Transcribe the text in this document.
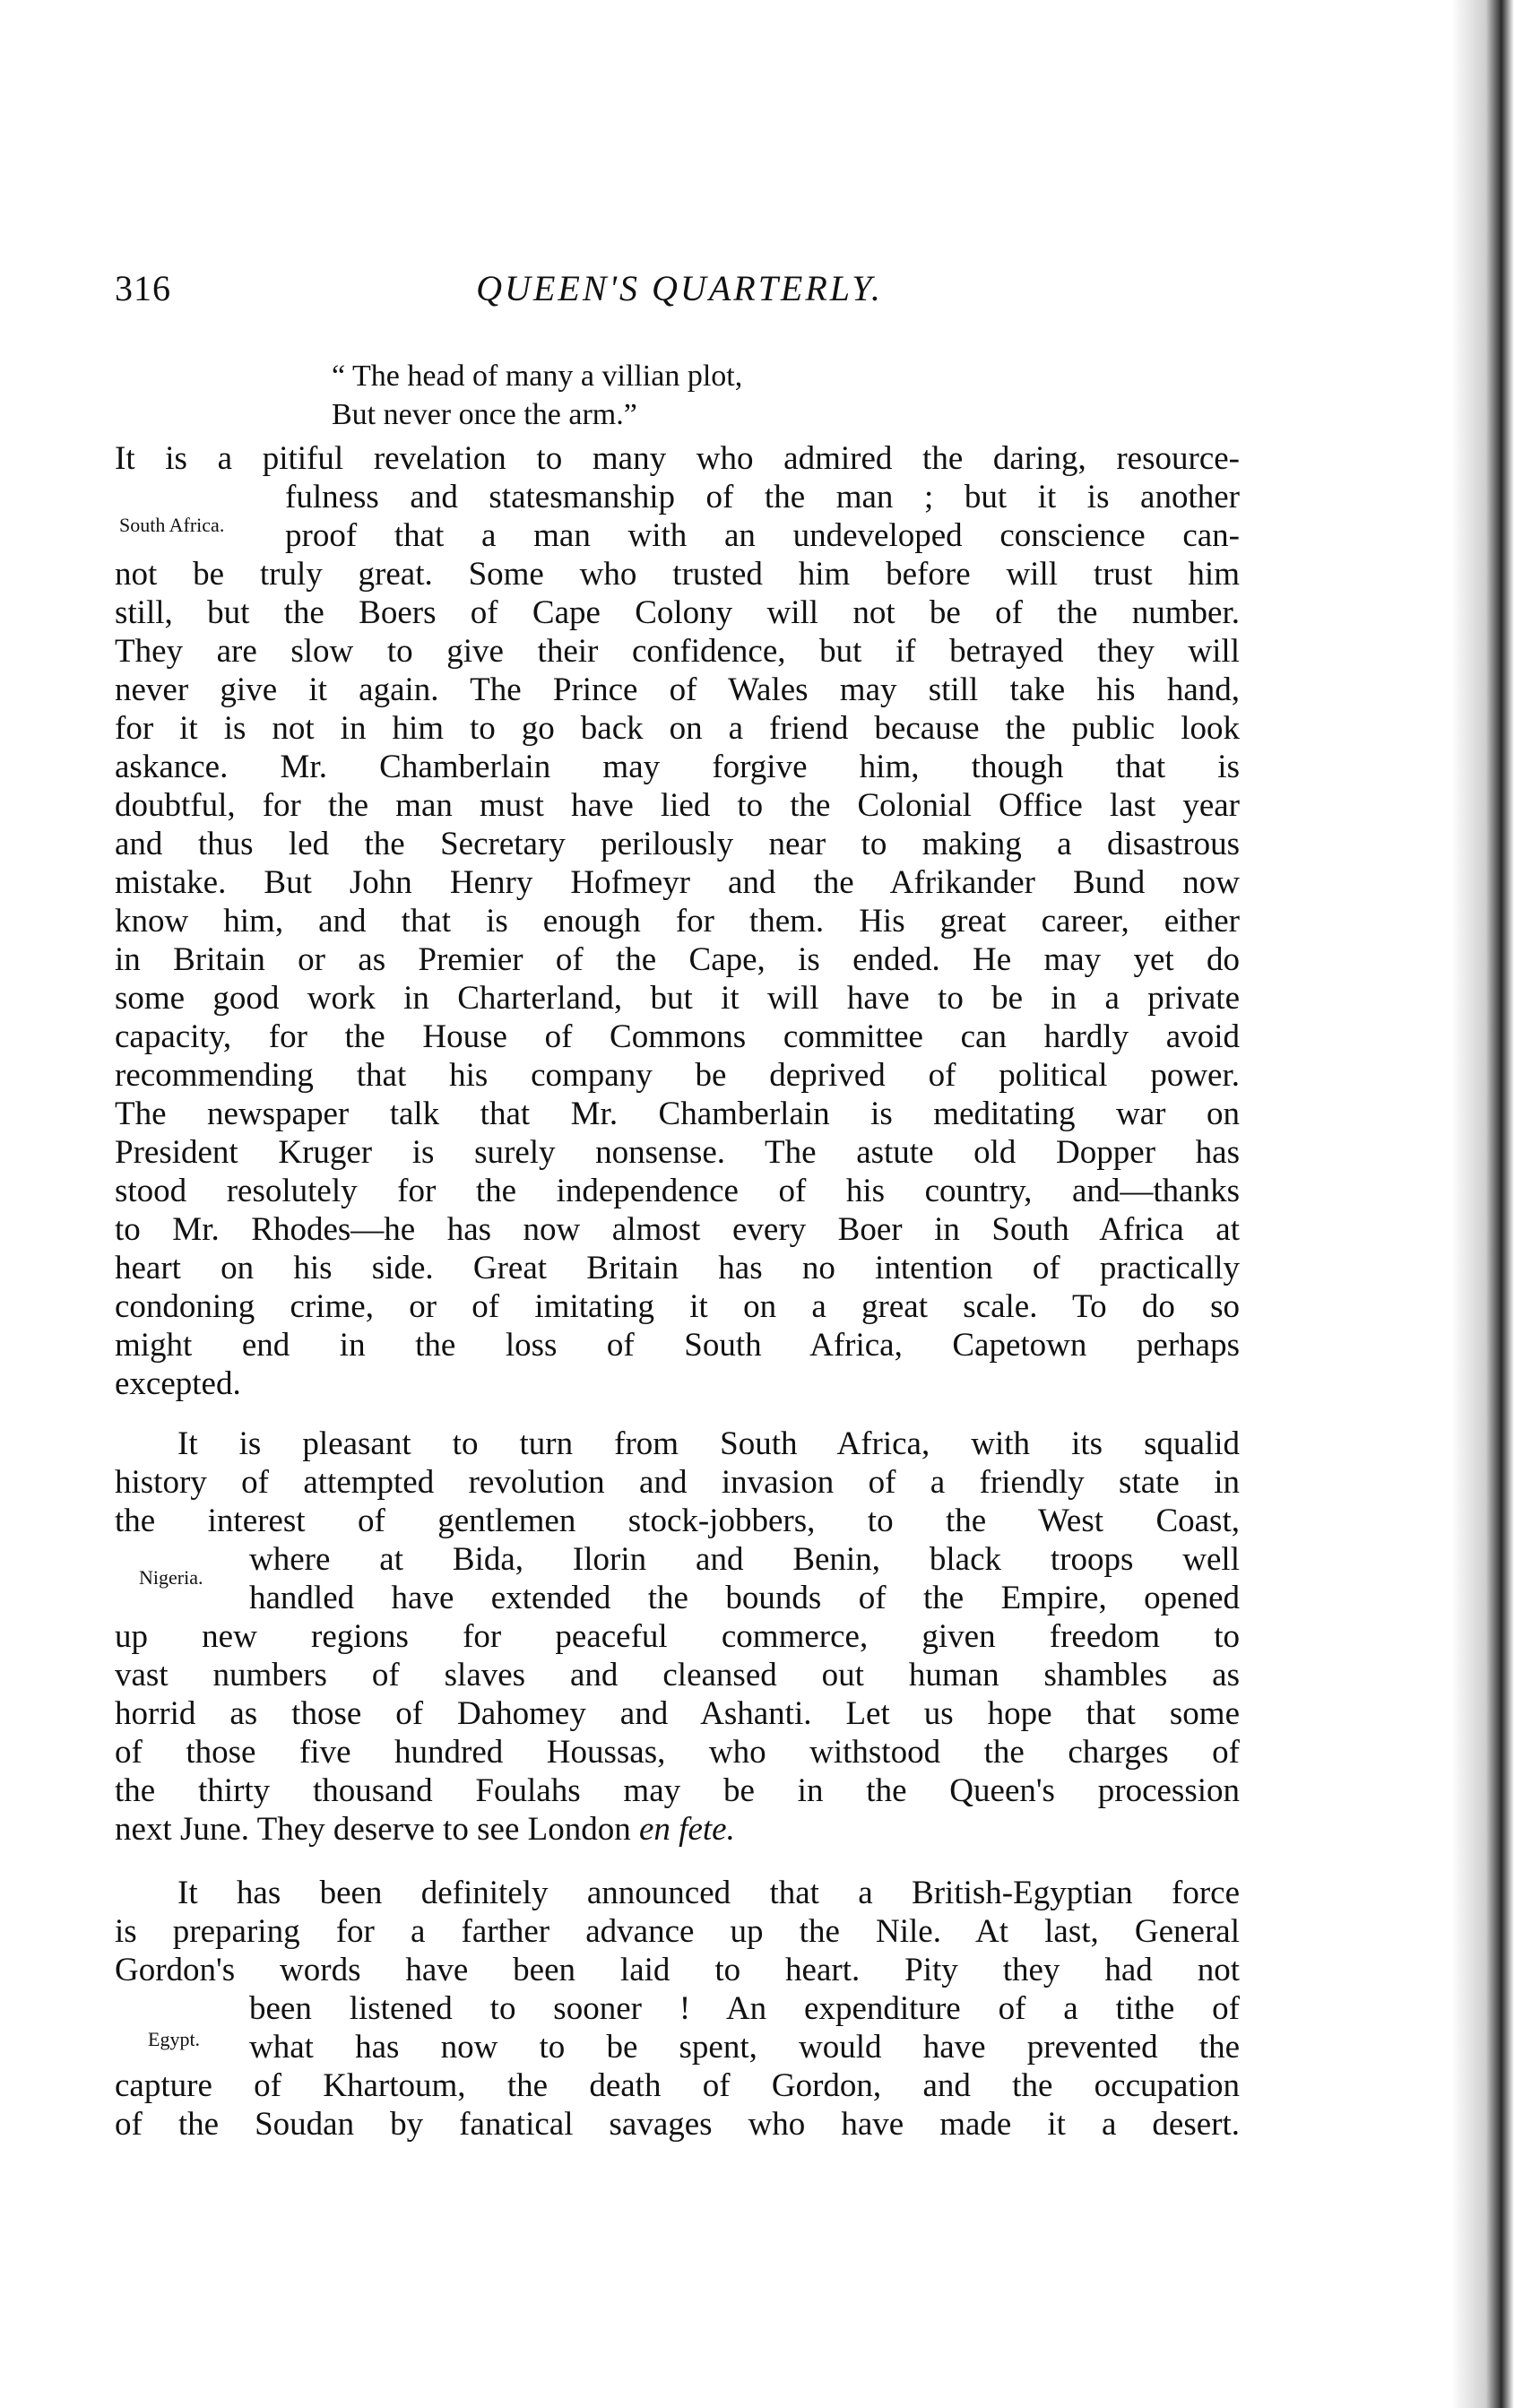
QUEEN'S QUARTERLY.
316
“ The head of many a villian plot,
But never once the arm.”
It is a pitiful revelation to many who admired the daring, resource-
fulness and statesmanship of the man ; but it is another
proof that a man with an undeveloped conscience can-
not be truly great. Some who trusted him before will trust him
still, but the Boers of Cape Colony will not be of the number.
They are slow to give their confidence, but if betrayed they will
never give it again. The Prince of Wales may still take his hand,
for it is not in him to go back on a friend because the public look
askance. Mr. Chamberlain may forgive him, though that is
doubtful, for the man must have lied to the Colonial Office last year
and thus led the Secretary perilously near to making a disastrous
mistake. But John Henry Hofmeyr and the Afrikander Bund now
know him, and that is enough for them. His great career, either
in Britain or as Premier of the Cape, is ended. He may yet do
some good work in Charterland, but it will have to be in a private
capacity, for the House of Commons committee can hardly avoid
recommending that his company be deprived of political power.
The newspaper talk that Mr. Chamberlain is meditating war on
President Kruger is surely nonsense. The astute old Dopper has
stood resolutely for the independence of his country, and—thanks
to Mr. Rhodes—he has now almost every Boer in South Africa at
heart on his side. Great Britain has no intention of practically
condoning crime, or of imitating it on a great scale. To do so
might end in the loss of South Africa, Capetown perhaps
excepted.
South Africa.
It is pleasant to turn from South Africa, with its squalid
history of attempted revolution and invasion of a friendly state in
the interest of gentlemen stock-jobbers, to the West Coast,
where at Bida, Ilorin and Benin, black troops well
handled have extended the bounds of the Empire, opened
up new regions for peaceful commerce, given freedom to
vast numbers of slaves and cleansed out human shambles as
horrid as those of Dahomey and Ashanti. Let us hope that some
of those five hundred Houssas, who withstood the charges of
the thirty thousand Foulahs may be in the Queen's procession
next June. They deserve to see London en fete.
Nigeria.
It has been definitely announced that a British-Egyptian force
is preparing for a farther advance up the Nile. At last, General
Gordon's words have been laid to heart. Pity they had not
been listened to sooner ! An expenditure of a tithe of
what has now to be spent, would have prevented the
capture of Khartoum, the death of Gordon, and the occupation
of the Soudan by fanatical savages who have made it a desert.
Egypt.
